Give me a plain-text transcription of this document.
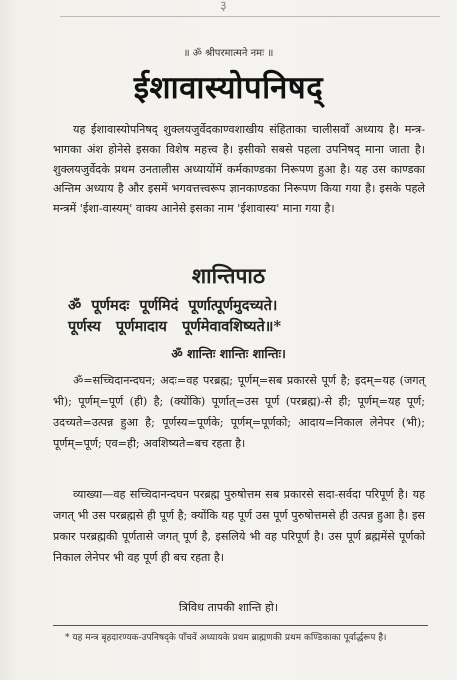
३
॥ ॐ श्रीपरमात्मने नमः ॥
ईशावास्योपनिषद्

यह ईशावास्योपनिषद् शुक्लयजुर्वेदकाण्वशाखीय संहिताका चालीसवाँ अध्याय है। मन्त्र-भागका अंश होनेसे इसका विशेष महत्त्व है। इसीको सबसे पहला उपनिषद् माना जाता है। शुक्लयजुर्वेदके प्रथम उनतालीस अध्यायोंमें कर्मकाण्डका निरूपण हुआ है। यह उस काण्डका अन्तिम अध्याय है और इसमें भगवत्तत्त्वरूप ज्ञानकाण्डका निरूपण किया गया है। इसके पहले मन्त्रमें 'ईशा-वास्यम्' वाक्य आनेसे इसका नाम 'ईशावास्य' माना गया है।

शान्तिपाठ
ॐ  पूर्णमदः  पूर्णमिदं  पूर्णात्पूर्णमुदच्यते।
पूर्णस्य   पूर्णमादाय   पूर्णमेवावशिष्यते॥*
ॐ शान्तिः शान्तिः शान्तिः।

ॐ=सच्चिदानन्दघन; अदः=वह परब्रह्म; पूर्णम्=सब प्रकारसे पूर्ण है; इदम्=यह (जगत् भी); पूर्णम्=पूर्ण (ही) है; (क्योंकि) पूर्णात्=उस पूर्ण (परब्रह्म)-से ही; पूर्णम्=यह पूर्ण; उदच्यते=उत्पन्न हुआ है; पूर्णस्य=पूर्णके; पूर्णम्=पूर्णको; आदाय=निकाल लेनेपर (भी); पूर्णम्=पूर्ण; एव=ही; अवशिष्यते=बच रहता है।

व्याख्या—वह सच्चिदानन्दघन परब्रह्म पुरुषोत्तम सब प्रकारसे सदा-सर्वदा परिपूर्ण है। यह जगत् भी उस परब्रह्मसे ही पूर्ण है; क्योंकि यह पूर्ण उस पूर्ण पुरुषोत्तमसे ही उत्पन्न हुआ है। इस प्रकार परब्रह्मकी पूर्णतासे जगत् पूर्ण है, इसलिये भी वह परिपूर्ण है। उस पूर्ण ब्रह्ममेंसे पूर्णको निकाल लेनेपर भी वह पूर्ण ही बच रहता है।

त्रिविध तापकी शान्ति हो।

* यह मन्त्र बृहदारण्यक-उपनिषद्के पाँचवें अध्यायके प्रथम ब्राह्मणकी प्रथम कण्डिकाका पूर्वार्द्धरूप है।
